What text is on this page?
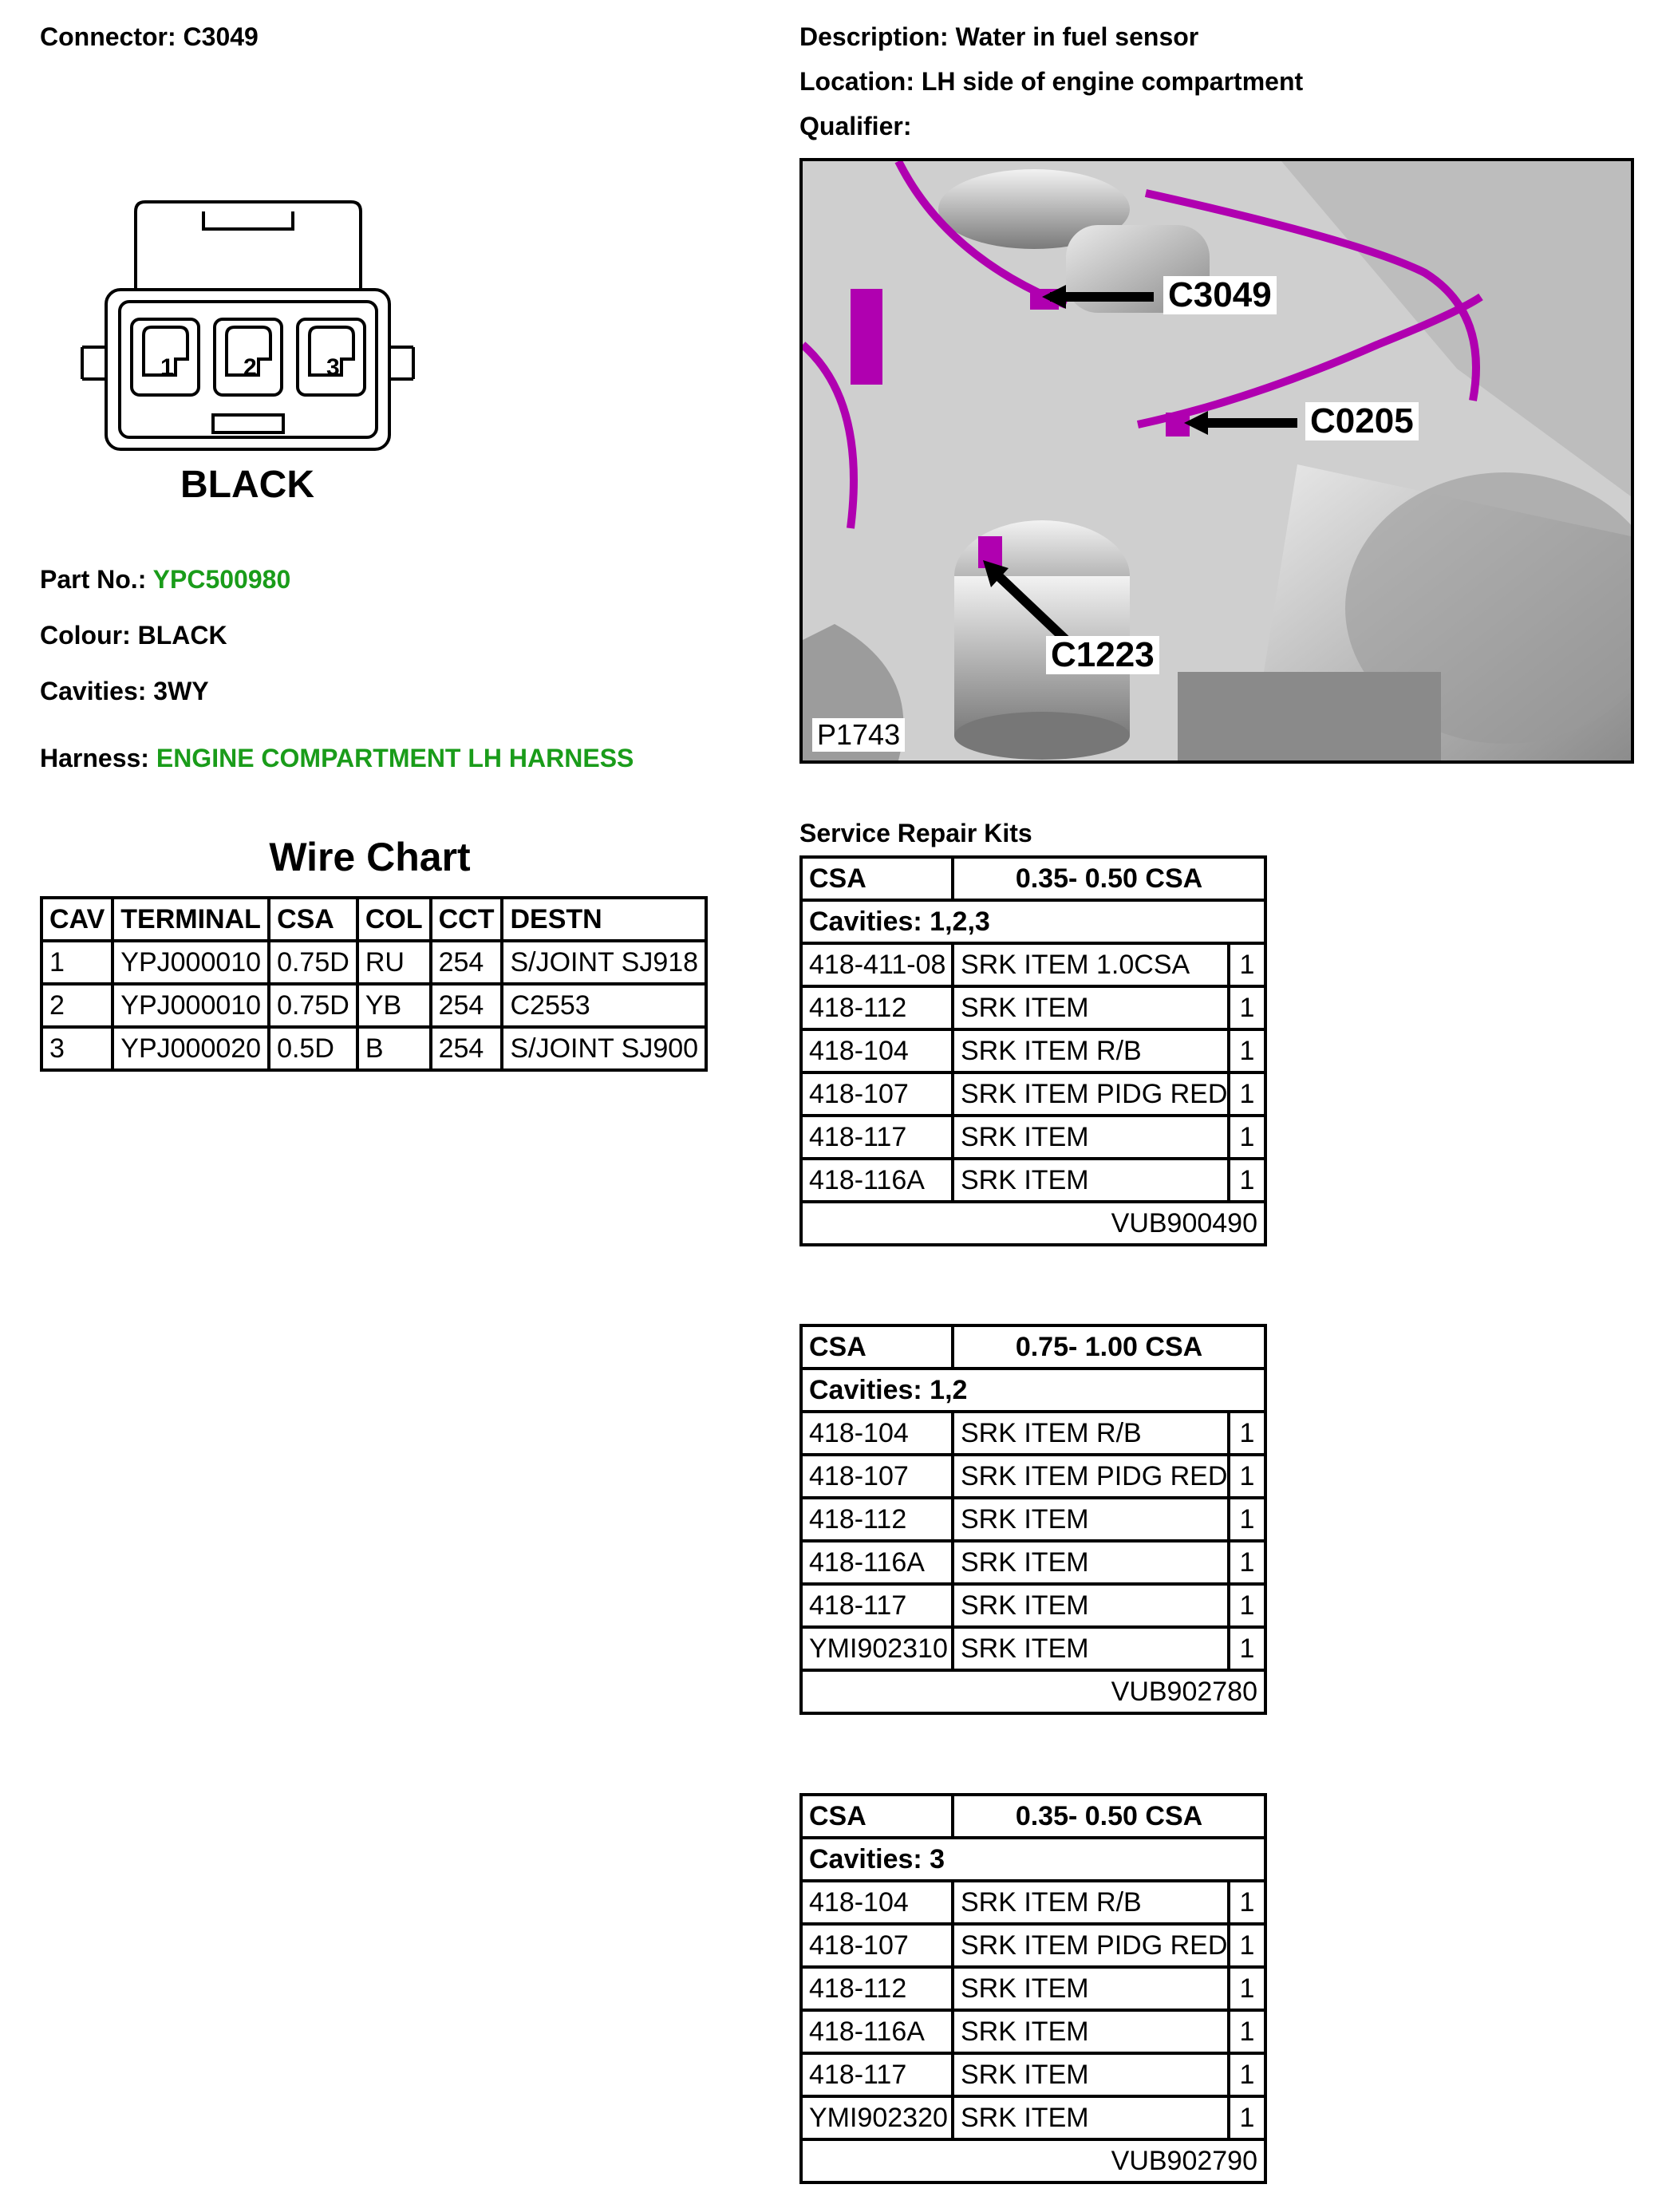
Connector: C3049	Description: Water in fuel sensor
Location: LH side of engine compartment
Qualifier:
1	2	3
BLACK
Part No.: YPC500980
Colour: BLACK
Cavities: 3WY
Harness: ENGINE COMPARTMENT LH HARNESS
C3049
C0205
C1223
P1743
Wire Chart
CAV	TERMINAL	CSA	COL	CCT	DESTN
1	YPJ000010	0.75D	RU	254	S/JOINT SJ918
2	YPJ000010	0.75D	YB	254	C2553
3	YPJ000020	0.5D	B	254	S/JOINT SJ900
Service Repair Kits
CSA	0.35- 0.50 CSA	
Cavities: 1,2,3		
418-411-08	SRK ITEM 1.0CSA	1
418-112	SRK ITEM	1
418-104	SRK ITEM R/B	1
418-107	SRK ITEM PIDG RED	1
418-117	SRK ITEM	1
418-116A	SRK ITEM	1
VUB900490		
CSA	0.75- 1.00 CSA	
Cavities: 1,2		
418-104	SRK ITEM R/B	1
418-107	SRK ITEM PIDG RED	1
418-112	SRK ITEM	1
418-116A	SRK ITEM	1
418-117	SRK ITEM	1
YMI902310	SRK ITEM	1
VUB902780		
CSA	0.35- 0.50 CSA	
Cavities: 3		
418-104	SRK ITEM R/B	1
418-107	SRK ITEM PIDG RED	1
418-112	SRK ITEM	1
418-116A	SRK ITEM	1
418-117	SRK ITEM	1
YMI902320	SRK ITEM	1
VUB902790		
